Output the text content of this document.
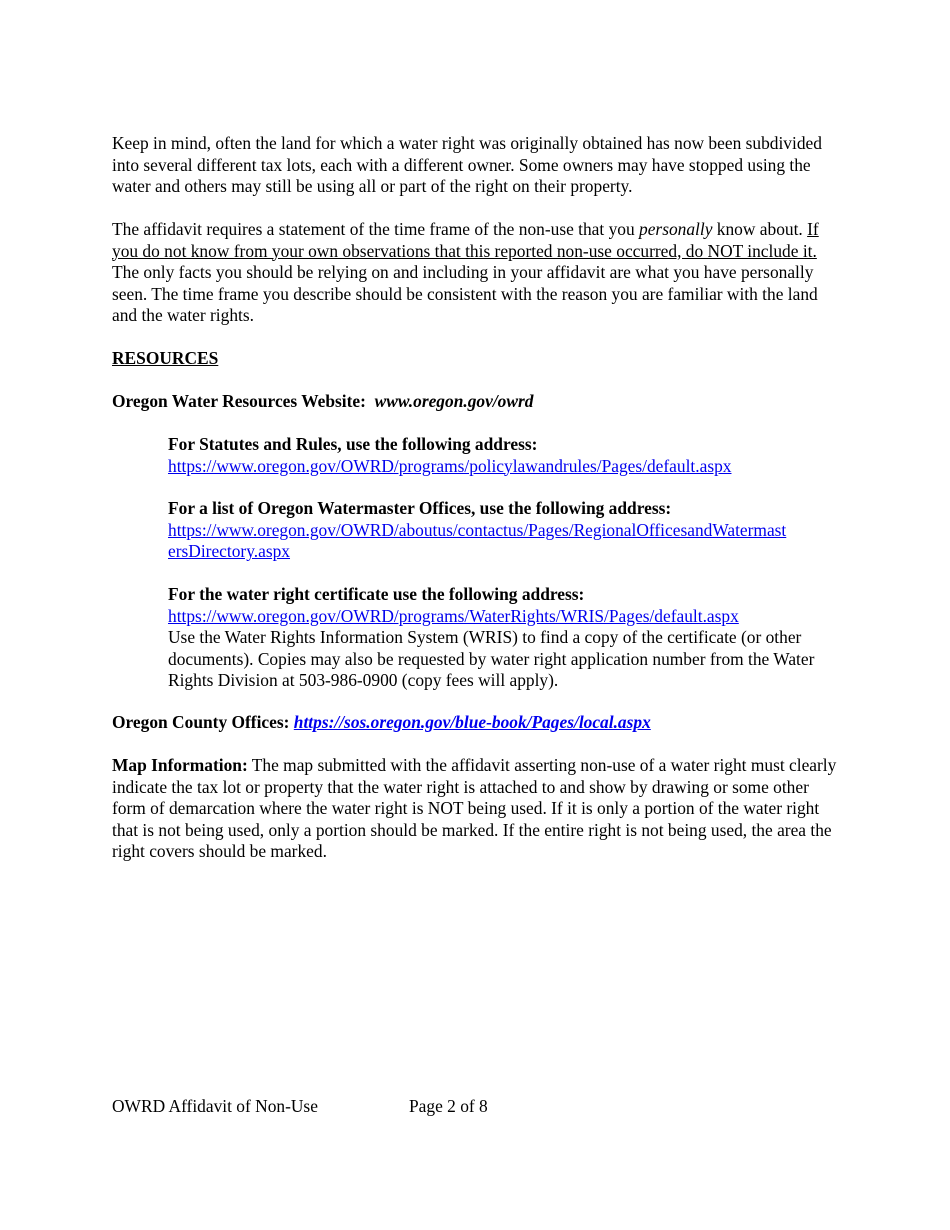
Keep in mind, often the land for which a water right was originally obtained has now been subdivided into several different tax lots, each with a different owner. Some owners may have stopped using the water and others may still be using all or part of the right on their property.

The affidavit requires a statement of the time frame of the non-use that you personally know about. If you do not know from your own observations that this reported non-use occurred, do NOT include it. The only facts you should be relying on and including in your affidavit are what you have personally seen. The time frame you describe should be consistent with the reason you are familiar with the land and the water rights.

RESOURCES

Oregon Water Resources Website: www.oregon.gov/owrd

For Statutes and Rules, use the following address:
https://www.oregon.gov/OWRD/programs/policylawandrules/Pages/default.aspx
For a list of Oregon Watermaster Offices, use the following address:
https://www.oregon.gov/OWRD/aboutus/contactus/Pages/RegionalOfficesandWatermast
ersDirectory.aspx
For the water right certificate use the following address:
https://www.oregon.gov/OWRD/programs/WaterRights/WRIS/Pages/default.aspx
Use the Water Rights Information System (WRIS) to find a copy of the certificate (or other documents). Copies may also be requested by water right application number from the Water Rights Division at 503-986-0900 (copy fees will apply).

Oregon County Offices: https://sos.oregon.gov/blue-book/Pages/local.aspx

Map Information: The map submitted with the affidavit asserting non-use of a water right must clearly indicate the tax lot or property that the water right is attached to and show by drawing or some other form of demarcation where the water right is NOT being used. If it is only a portion of the water right that is not being used, only a portion should be marked. If the entire right is not being used, the area the right covers should be marked.

OWRD Affidavit of Non-Use	Page 2 of 8
